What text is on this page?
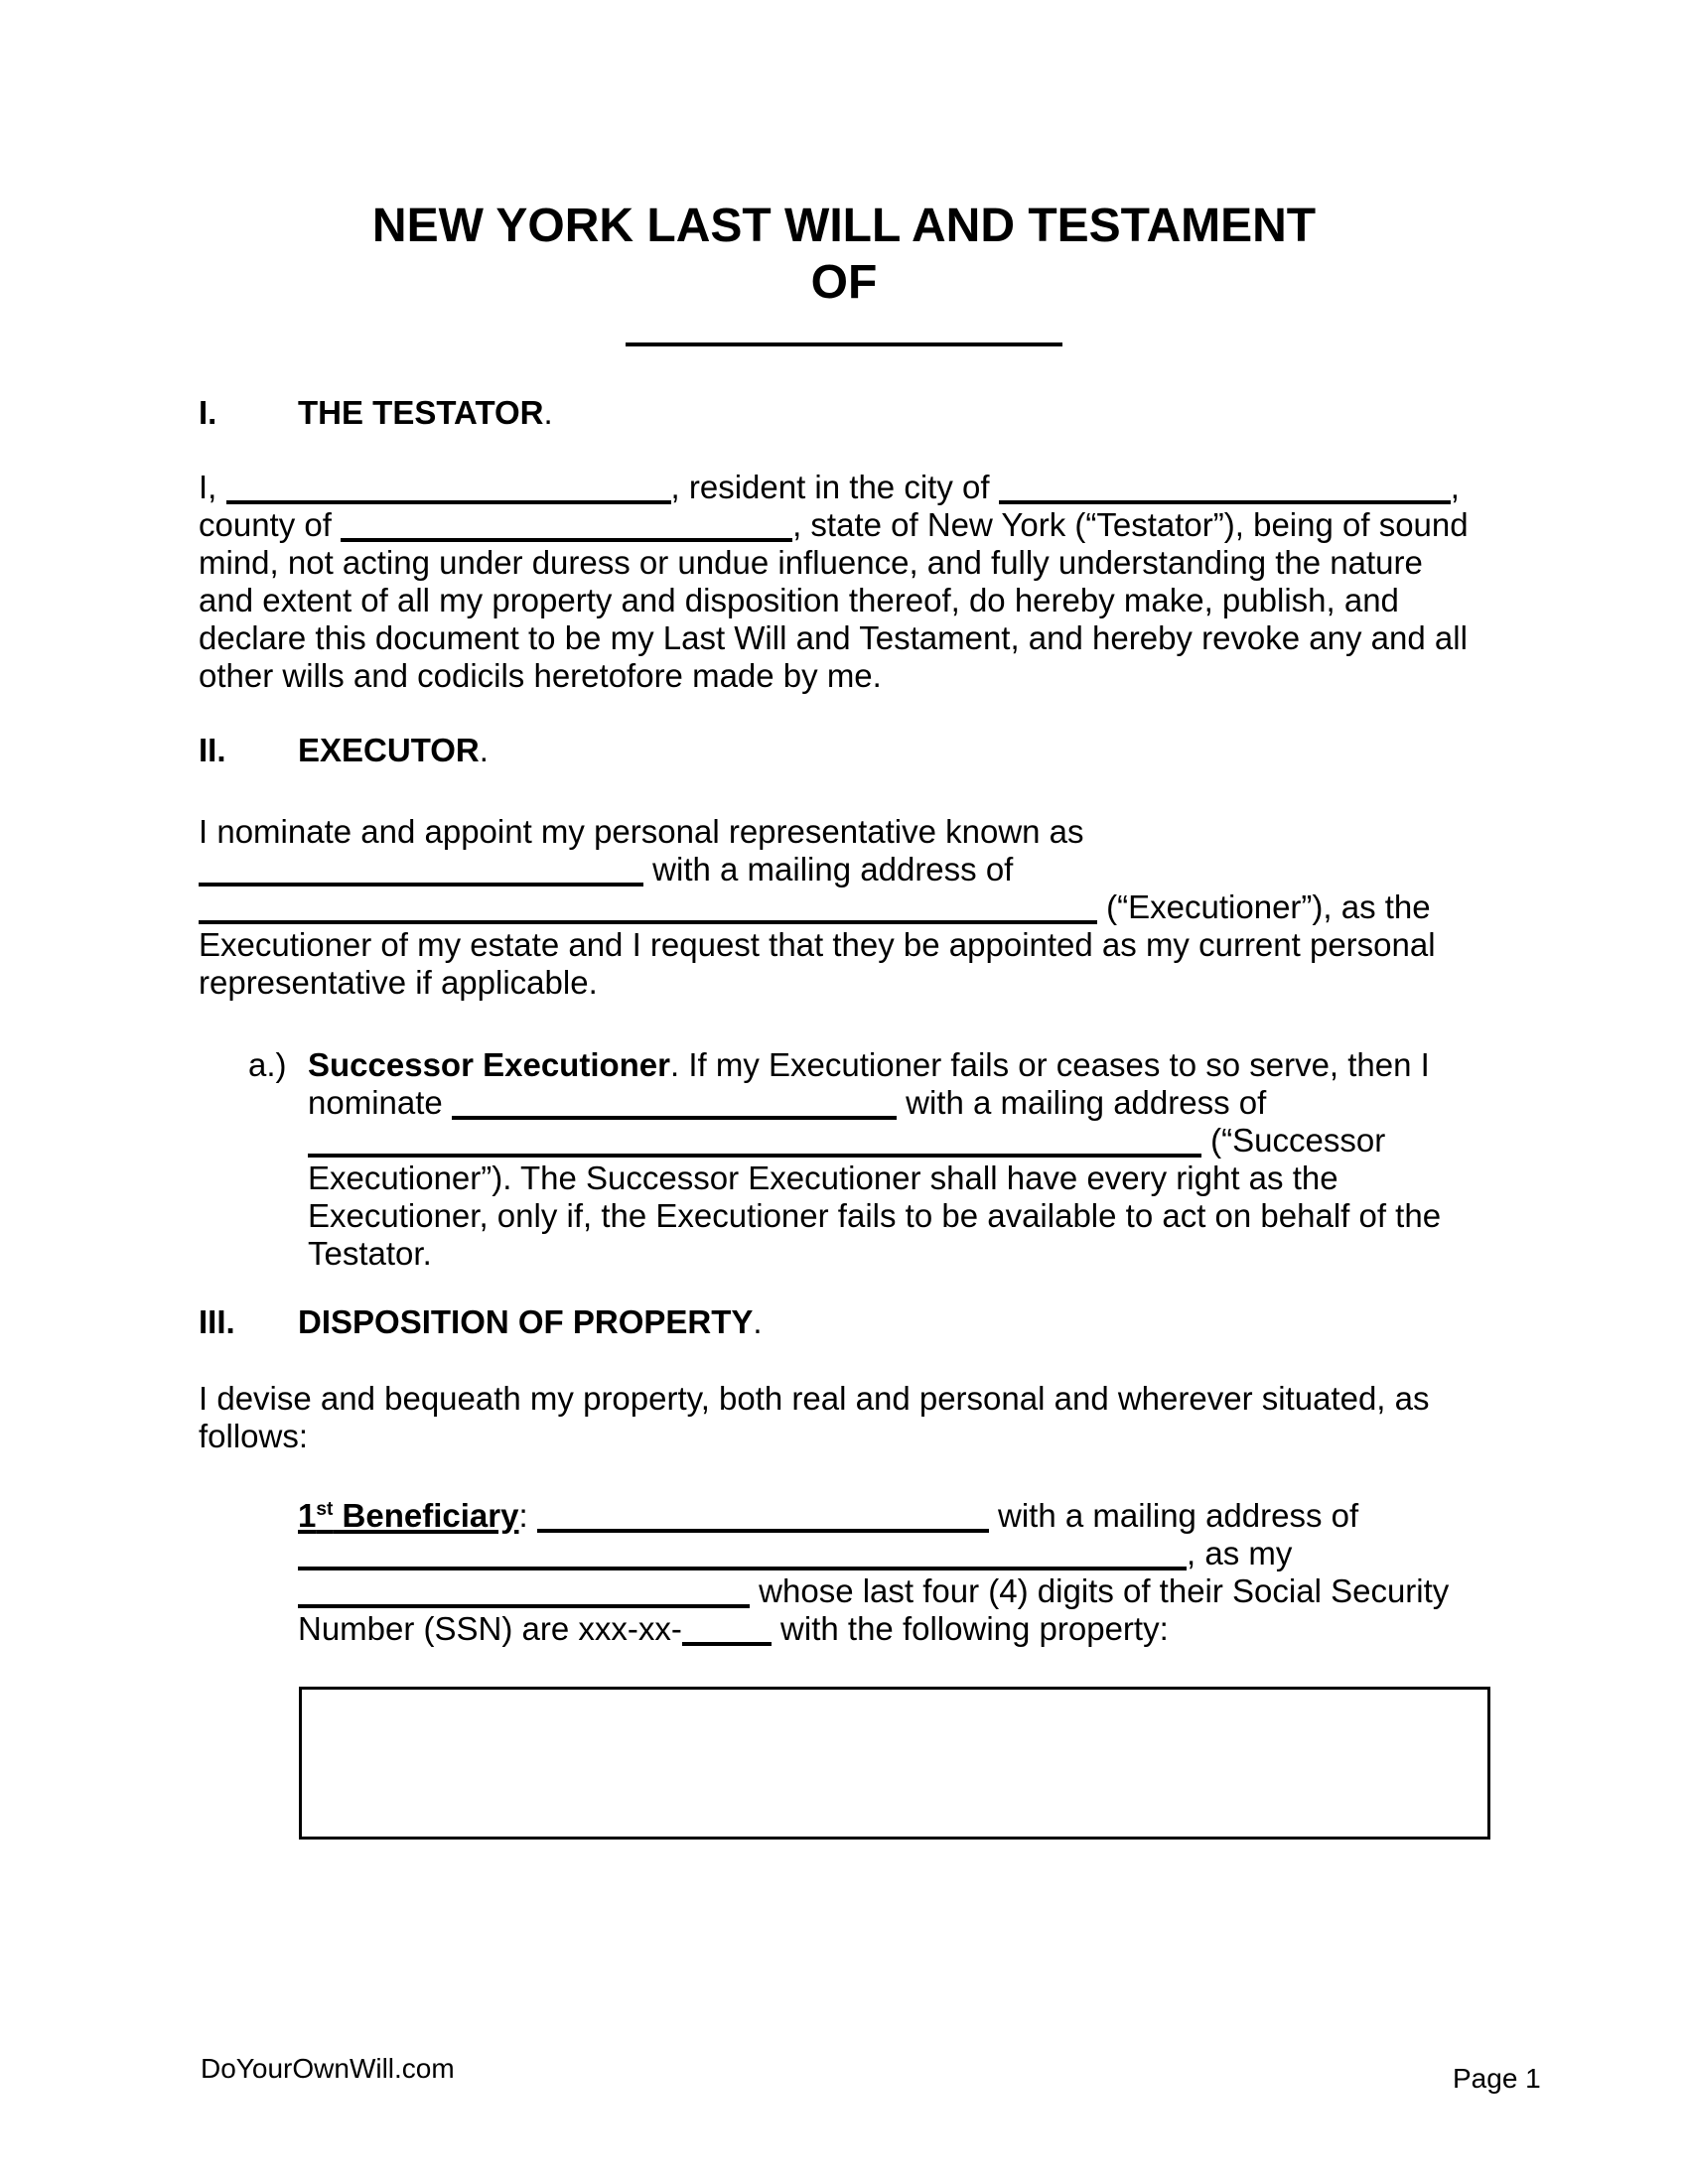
NEW YORK LAST WILL AND TESTAMENT
OF
I. THE TESTATOR.
I,	, resident in the city of	,
county of	, state of New York (“Testator”), being of sound
mind, not acting under duress or undue influence, and fully understanding the nature
and extent of all my property and disposition thereof, do hereby make, publish, and
declare this document to be my Last Will and Testament, and hereby revoke any and all
other wills and codicils heretofore made by me.
II. EXECUTOR.
I nominate and appoint my personal representative known as
with a mailing address of
(“Executioner”), as the
Executioner of my estate and I request that they be appointed as my current personal
representative if applicable.
a.) Successor Executioner. If my Executioner fails or ceases to so serve, then I
nominate	with a mailing address of
(“Successor
Executioner”). The Successor Executioner shall have every right as the
Executioner, only if, the Executioner fails to be available to act on behalf of the
Testator.
III. DISPOSITION OF PROPERTY.
I devise and bequeath my property, both real and personal and wherever situated, as
follows:
1st Beneficiary:	with a mailing address of
, as my
whose last four (4) digits of their Social Security
Number (SSN) are xxx-xx-	with the following property:
DoYourOwnWill.com	Page 1
